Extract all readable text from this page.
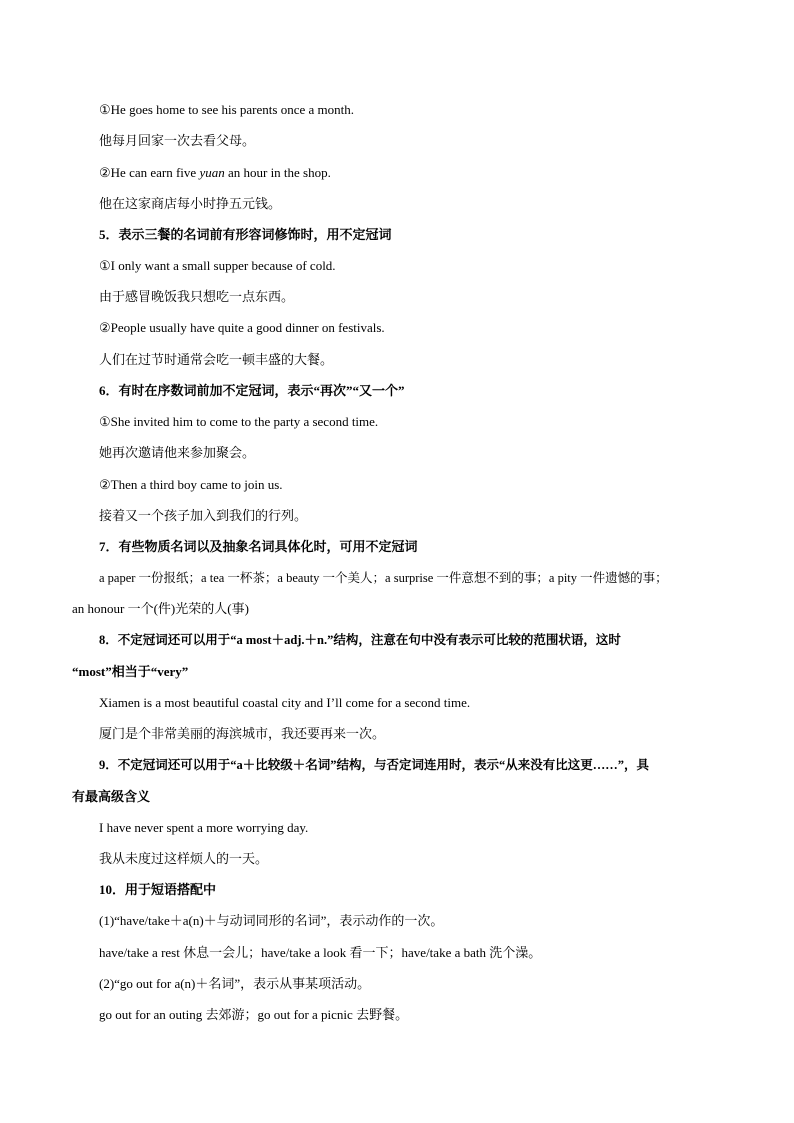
①He goes home to see his parents once a month.
他每月回家一次去看父母。
②He can earn five yuan an hour in the shop.
他在这家商店每小时挣五元钱。
5．表示三餐的名词前有形容词修饰时，用不定冠词
①I only want a small supper because of cold.
由于感冒晚饭我只想吃一点东西。
②People usually have quite a good dinner on festivals.
人们在过节时通常会吃一顿丰盛的大餐。
6．有时在序数词前加不定冠词，表示“再次”“又一个”
①She invited him to come to the party a second time.
她再次邀请他来参加聚会。
②Then a third boy came to join us.
接着又一个孩子加入到我们的行列。
7．有些物质名词以及抽象名词具体化时，可用不定冠词
a paper 一份报纸；a tea 一杯茶；a beauty 一个美人；a surprise 一件意想不到的事；a pity 一件遗憾的事；
an honour 一个(件)光荣的人(事)
8．不定冠词还可以用于“a most＋adj.＋n.”结构，注意在句中没有表示可比较的范围状语，这时
“most”相当于“very”
Xiamen is a most beautiful coastal city and I’ll come for a second time.
厦门是个非常美丽的海滨城市，我还要再来一次。
9．不定冠词还可以用于“a＋比较级＋名词”结构，与否定词连用时，表示“从来没有比这更……”，具
有最高级含义
I have never spent a more worrying day.
我从未度过这样烦人的一天。
10．用于短语搭配中
(1)“have/take＋a(n)＋与动词同形的名词”，表示动作的一次。
have/take a rest 休息一会儿；have/take a look 看一下；have/take a bath 洗个澡。
(2)“go out for a(n)＋名词”，表示从事某项活动。
go out for an outing 去郊游；go out for a picnic 去野餐。
